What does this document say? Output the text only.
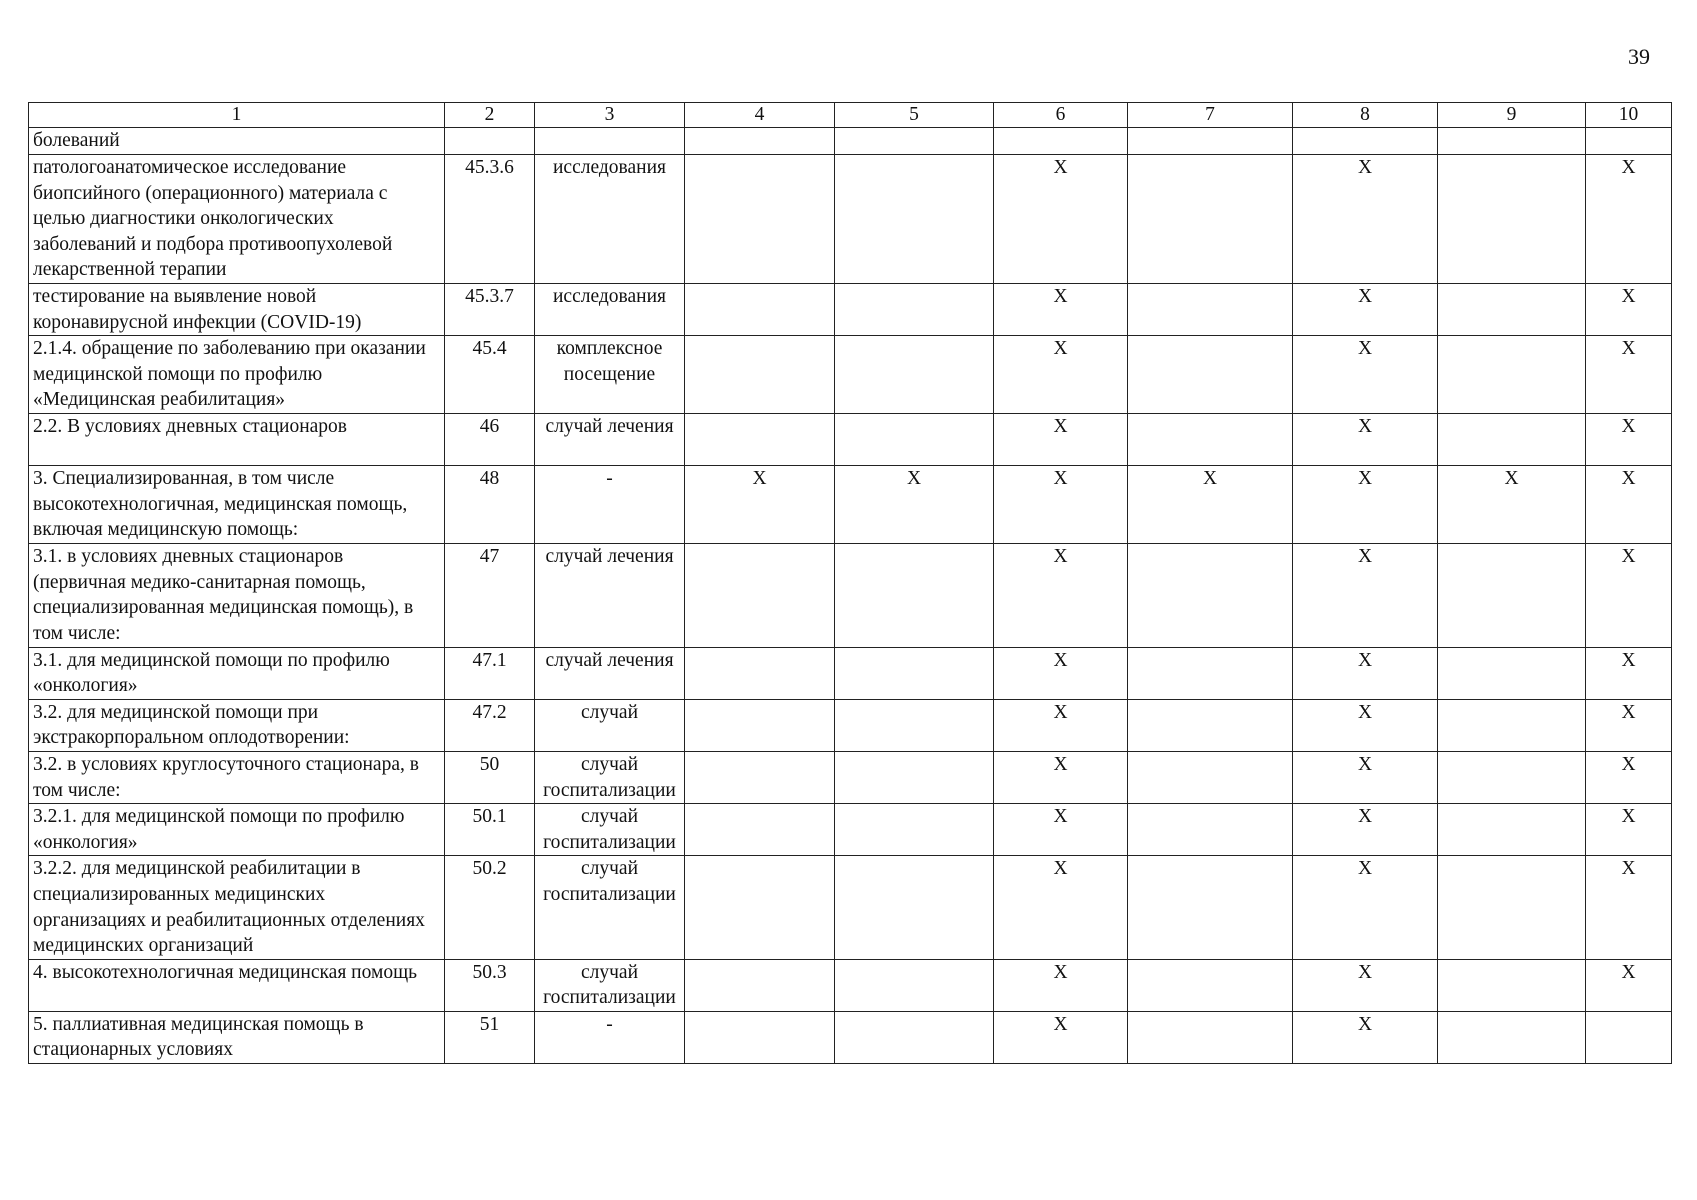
39
1	2	3	4	5	6	7	8	9	10
болеваний									
патологоанатомическое исследование биопсийного (операционного) материала с целью диагностики онкологических заболеваний и подбора противоопухолевой лекарственной терапии	45.3.6	исследования			X		X		X
тестирование на выявление новой коронавирусной инфекции (COVID-19)	45.3.7	исследования			X		X		X
2.1.4. обращение по заболеванию при оказании медицинской помощи по профилю «Медицинская реабилитация»	45.4	комплексное посещение			X		X		X
2.2. В условиях дневных стационаров	46	случай лечения			X		X		X
3. Специализированная, в том числе высокотехнологичная, медицинская помощь, включая медицинскую помощь:	48	-	X	X	X	X	X	X	X
3.1. в условиях дневных стационаров (первичная медико-санитарная помощь, специализированная медицинская помощь), в том числе:	47	случай лечения			X		X		X
3.1. для медицинской помощи по профилю «онкология»	47.1	случай лечения			X		X		X
3.2. для медицинской помощи при экстракорпоральном оплодотворении:	47.2	случай			X		X		X
3.2. в условиях круглосуточного стационара, в том числе:	50	случай госпитализации			X		X		X
3.2.1. для медицинской помощи по профилю «онкология»	50.1	случай госпитализации			X		X		X
3.2.2. для медицинской реабилитации в специализированных медицинских организациях и реабилитационных отделениях медицинских организаций	50.2	случай госпитализации			X		X		X
4. высокотехнологичная медицинская помощь	50.3	случай госпитализации			X		X		X
5. паллиативная медицинская помощь в стационарных условиях	51	-			X		X		
